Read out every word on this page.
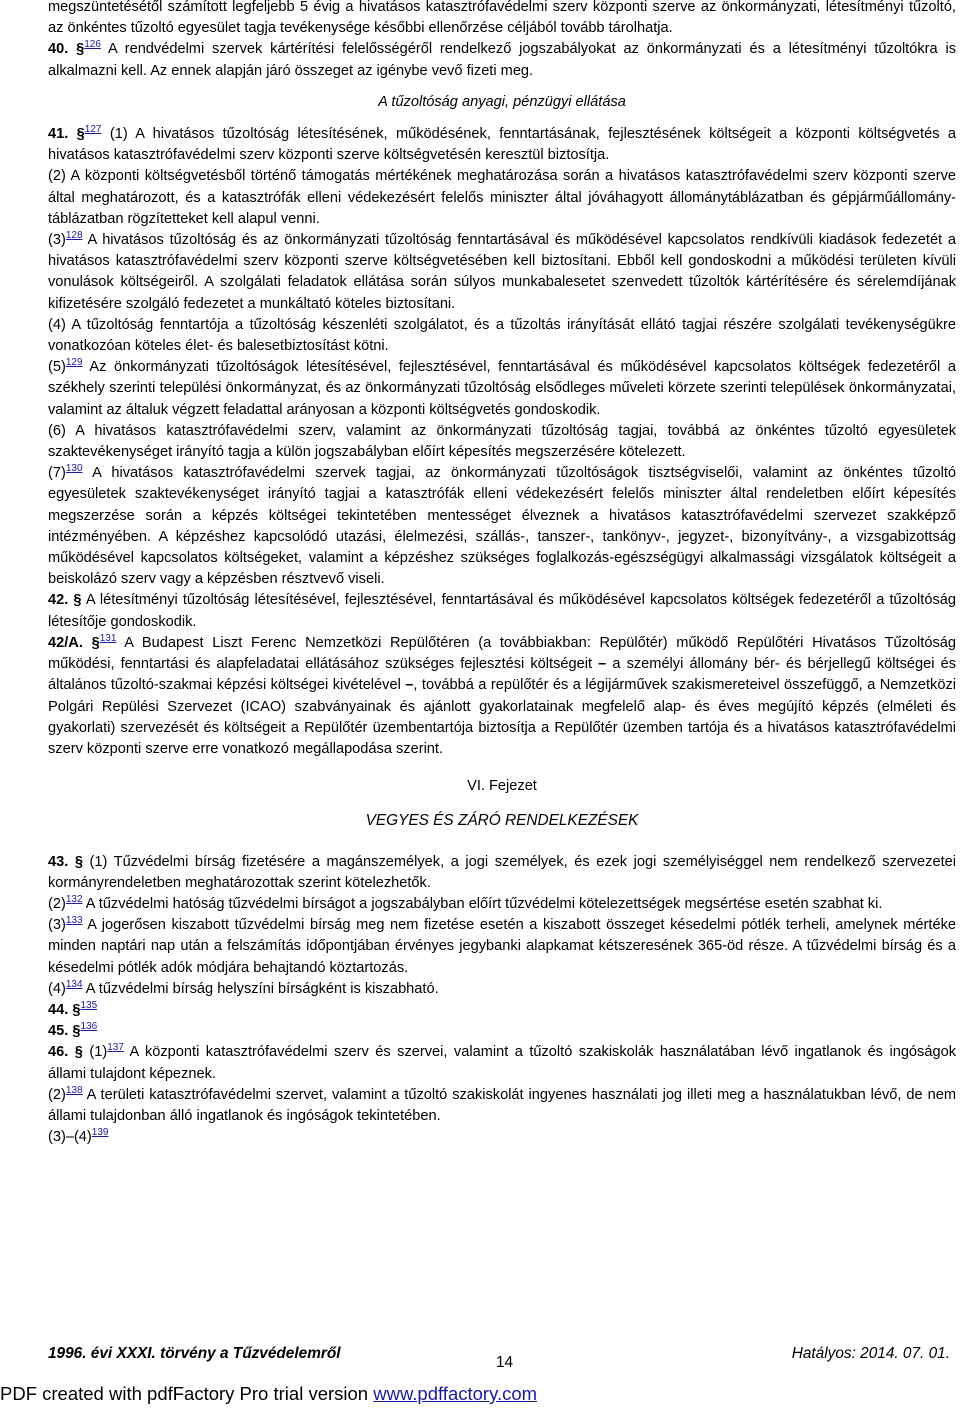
megszüntetésétől számított legfeljebb 5 évig a hivatásos katasztrófavédelmi szerv központi szerve az önkormányzati, létesítményi tűzoltó, az önkéntes tűzoltó egyesület tagja tevékenysége későbbi ellenőrzése céljából tovább tárolhatja.

40. §$^{126}$ A rendvédelmi szervek kártérítési felelősségéről rendelkező jogszabályokat az önkormányzati és a létesítményi tűzoltókra is alkalmazni kell. Az ennek alapján járó összeget az igénybe vevő fizeti meg.

A tűzoltóság anyagi, pénzügyi ellátása

41. §$^{127}$ (1) A hivatásos tűzoltóság létesítésének, működésének, fenntartásának, fejlesztésének költségeit a központi költségvetés a hivatásos katasztrófavédelmi szerv központi szerve költségvetésén keresztül biztosítja.

(2) A központi költségvetésből történő támogatás mértékének meghatározása során a hivatásos katasztrófavédelmi szerv központi szerve által meghatározott, és a katasztrófák elleni védekezésért felelős miniszter által jóváhagyott állománytáblázatban és gépjárműállomány-táblázatban rögzítetteket kell alapul venni.

(3)$^{128}$ A hivatásos tűzoltóság és az önkormányzati tűzoltóság fenntartásával és működésével kapcsolatos rendkívüli kiadások fedezetét a hivatásos katasztrófavédelmi szerv központi szerve költségvetésében kell biztosítani. Ebből kell gondoskodni a működési területen kívüli vonulások költségeiről. A szolgálati feladatok ellátása során súlyos munkabalesetet szenvedett tűzoltók kártérítésére és sérelemdíjának kifizetésére szolgáló fedezetet a munkáltató köteles biztosítani.

(4) A tűzoltóság fenntartója a tűzoltóság készenléti szolgálatot, és a tűzoltás irányítását ellátó tagjai részére szolgálati tevékenységükre vonatkozóan köteles élet- és balesetbiztosítást kötni.

(5)$^{129}$ Az önkormányzati tűzoltóságok létesítésével, fejlesztésével, fenntartásával és működésével kapcsolatos költségek fedezetéről a székhely szerinti települési önkormányzat, és az önkormányzati tűzoltóság elsődleges műveleti körzete szerinti települések önkormányzatai, valamint az általuk végzett feladattal arányosan a központi költségvetés gondoskodik.

(6) A hivatásos katasztrófavédelmi szerv, valamint az önkormányzati tűzoltóság tagjai, továbbá az önkéntes tűzoltó egyesületek szaktevékenységet irányító tagja a külön jogszabályban előírt képesítés megszerzésére kötelezett.

(7)$^{130}$ A hivatásos katasztrófavédelmi szervek tagjai, az önkormányzati tűzoltóságok tisztségviselői, valamint az önkéntes tűzoltó egyesületek szaktevékenységet irányító tagjai a katasztrófák elleni védekezésért felelős miniszter által rendeletben előírt képesítés megszerzése során a képzés költségei tekintetében mentességet élveznek a hivatásos katasztrófavédelmi szervezet szakképző intézményében. A képzéshez kapcsolódó utazási, élelmezési, szállás-, tanszer-, tankönyv-, jegyzet-, bizonyítvány-, a vizsgabizottság működésével kapcsolatos költségeket, valamint a képzéshez szükséges foglalkozás-egészségügyi alkalmassági vizsgálatok költségeit a beiskolázó szerv vagy a képzésben résztvevő viseli.

42. § A létesítményi tűzoltóság létesítésével, fejlesztésével, fenntartásával és működésével kapcsolatos költségek fedezetéről a tűzoltóság létesítője gondoskodik.

42/A. §$^{131}$ A Budapest Liszt Ferenc Nemzetközi Repülőtéren (a továbbiakban: Repülőtér) működő Repülőtéri Hivatásos Tűzoltóság működési, fenntartási és alapfeladatai ellátásához szükséges fejlesztési költségeit – a személyi állomány bér- és bérjellegű költségei és általános tűzoltó-szakmai képzési költségei kivételével –, továbbá a repülőtér és a légijárművek szakismereteivel összefüggő, a Nemzetközi Polgári Repülési Szervezet (ICAO) szabványainak és ajánlott gyakorlatainak megfelelő alap- és éves megújító képzés (elméleti és gyakorlati) szervezését és költségeit a Repülőtér üzembentartója biztosítja a Repülőtér üzemben tartója és a hivatásos katasztrófavédelmi szerv központi szerve erre vonatkozó megállapodása szerint.

VI. Fejezet
VEGYES ÉS ZÁRÓ RENDELKEZÉSEK

43. § (1) Tűzvédelmi bírság fizetésére a magánszemélyek, a jogi személyek, és ezek jogi személyiséggel nem rendelkező szervezetei kormányrendeletben meghatározottak szerint kötelezhetők.

(2)$^{132}$ A tűzvédelmi hatóság tűzvédelmi bírságot a jogszabályban előírt tűzvédelmi kötelezettségek megsértése esetén szabhat ki.

(3)$^{133}$ A jogerősen kiszabott tűzvédelmi bírság meg nem fizetése esetén a kiszabott összeget késedelmi pótlék terheli, amelynek mértéke minden naptári nap után a felszámítás időpontjában érvényes jegybanki alapkamat kétszeresének 365-öd része. A tűzvédelmi bírság és a késedelmi pótlék adók módjára behajtandó köztartozás.

(4)$^{134}$ A tűzvédelmi bírság helyszíni bírságként is kiszabható.

44. §$^{135}$

45. §$^{136}$

46. § (1)$^{137}$ A központi katasztrófavédelmi szerv és szervei, valamint a tűzoltó szakiskolák használatában lévő ingatlanok és ingóságok állami tulajdont képeznek.

(2)$^{138}$ A területi katasztrófavédelmi szervet, valamint a tűzoltó szakiskolát ingyenes használati jog illeti meg a használatukban lévő, de nem állami tulajdonban álló ingatlanok és ingóságok tekintetében.

(3)–(4)$^{139}$

1996. évi XXXI. törvény a Tűzvédelemről
14
Hatályos: 2014. 07. 01.
PDF created with pdfFactory Pro trial version www.pdffactory.com
